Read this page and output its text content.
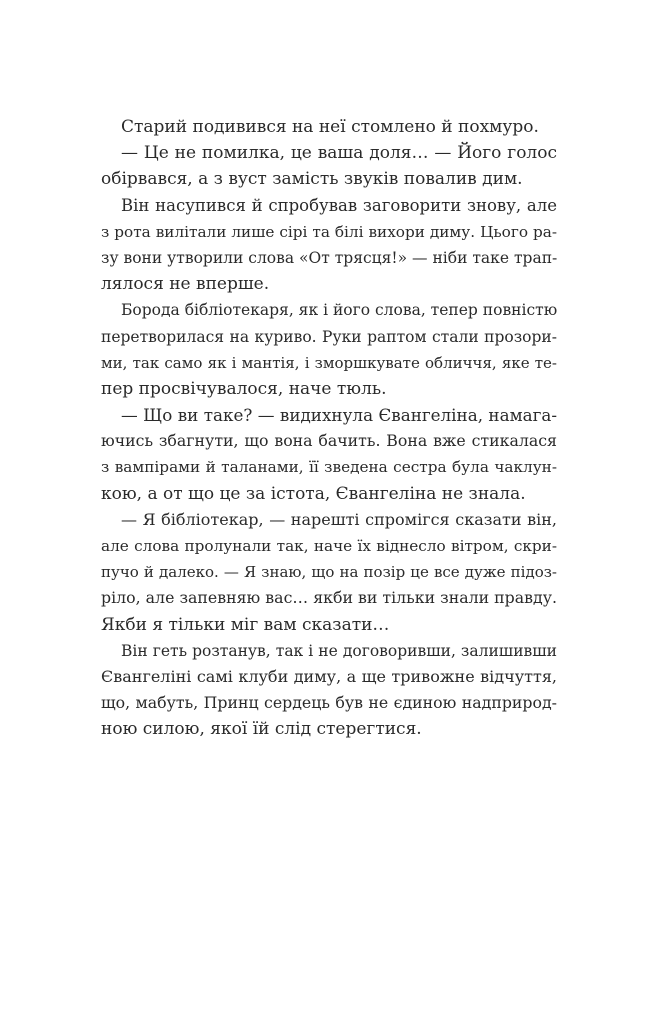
Старий подивився на неї стомлено й похмуро.

— Це не помилка, це ваша доля… — Його голос
обірвався, а з вуст замість звуків повалив дим.

Він насупився й спробував заговорити знову, але
з рота вилітали лише сірі та білі вихори диму. Цього ра-
зу вони утворили слова «От трясця!» — ніби таке трап-
лялося не вперше.

Борода бібліотекаря, як і його слова, тепер повністю
перетворилася на куриво. Руки раптом стали прозори-
ми, так само як і мантія, і зморшкувате обличчя, яке те-
пер просвічувалося, наче тюль.

— Що ви таке? — видихнула Євангеліна, намага-
ючись збагнути, що вона бачить. Вона вже стикалася
з вампірами й таланами, її зведена сестра була чаклун-
кою, а от що це за істота, Євангеліна не знала.

— Я бібліотекар, — нарешті спромігся сказати він,
але слова пролунали так, наче їх віднесло вітром, скри-
пучо й далеко. — Я знаю, що на позір це все дуже підоз-
ріло, але запевняю вас… якби ви тільки знали правду.
Якби я тільки міг вам сказати…

Він геть розтанув, так і не договоривши, залишивши
Євангеліні самі клуби диму, а ще тривожне відчуття,
що, мабуть, Принц сердець був не єдиною надприрод-
ною силою, якої їй слід стерегтися.
